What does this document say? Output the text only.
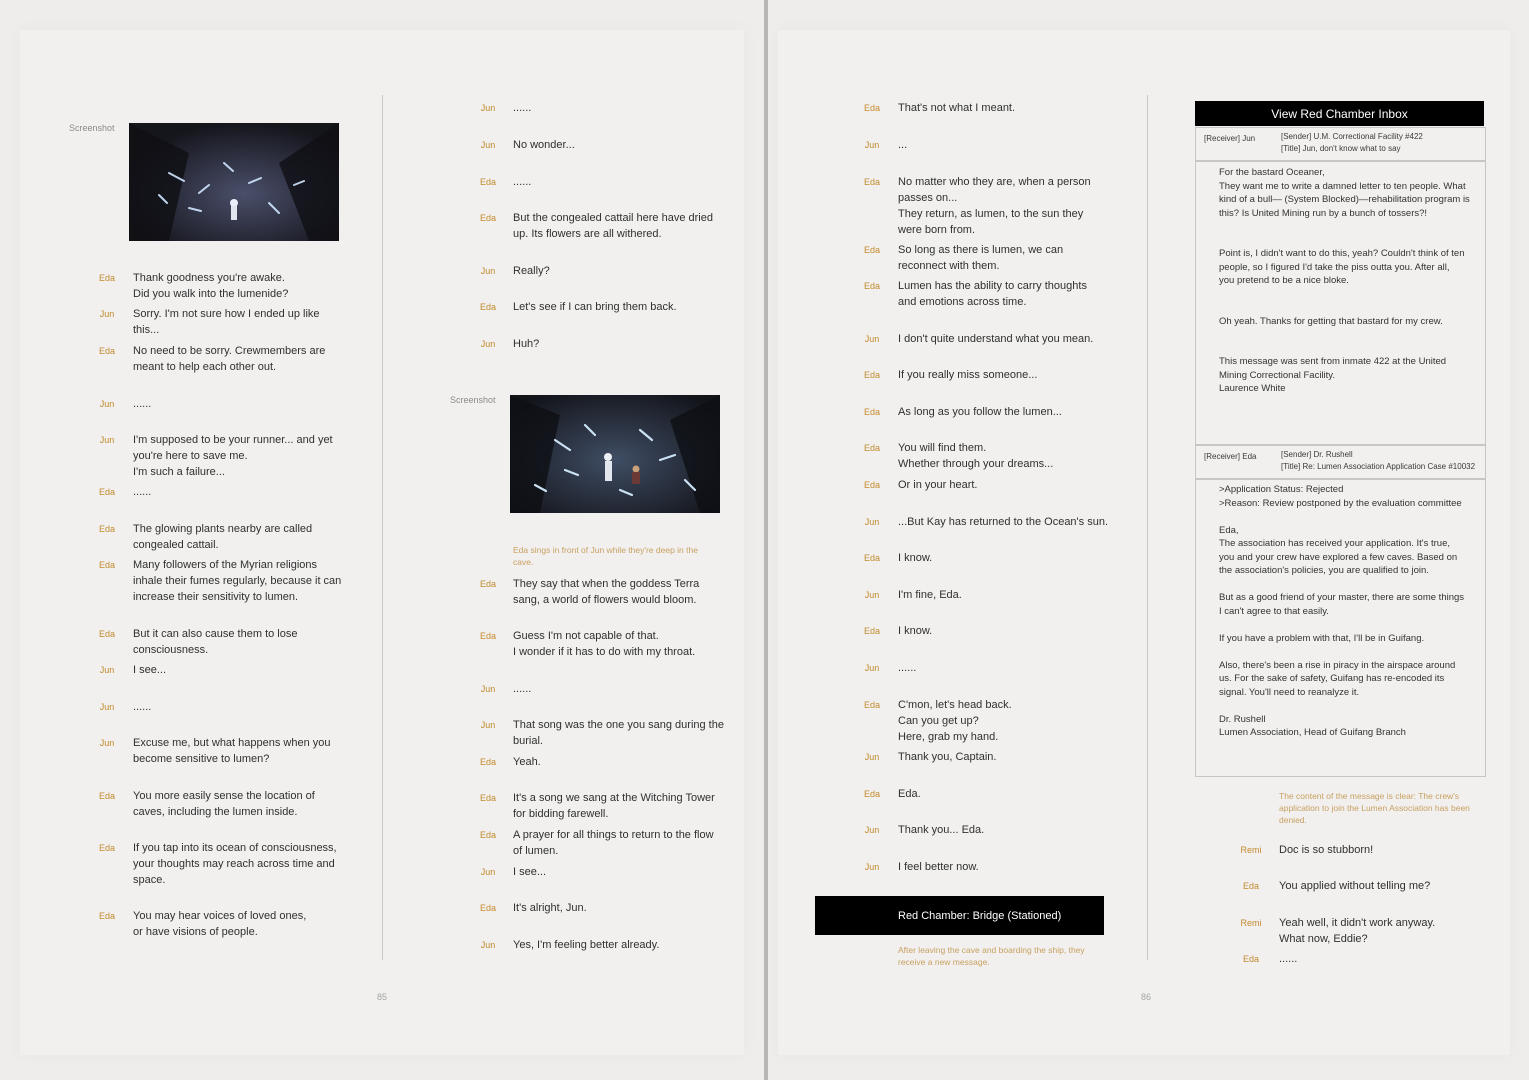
Eda	Thank goodness you're awake.
Did you walk into the lumenide?
Jun	Sorry. I'm not sure how I ended up like
this...
Eda	No need to be sorry. Crewmembers are
meant to help each other out.
Jun	......
Jun	I'm supposed to be your runner... and yet
you're here to save me.
I'm such a failure...
Eda	......
Eda	The glowing plants nearby are called
congealed cattail.
Eda	Many followers of the Myrian religions
inhale their fumes regularly, because it can
increase their sensitivity to lumen.
Eda	But it can also cause them to lose
consciousness.
Jun	I see...
Jun	......
Jun	Excuse me, but what happens when you
become sensitive to lumen?
Eda	You more easily sense the location of
caves, including the lumen inside.
Eda	If you tap into its ocean of consciousness,
your thoughts may reach across time and
space.
Eda	You may hear voices of loved ones,
or have visions of people.
Jun	......
Jun	No wonder...
Eda	......
Eda	But the congealed cattail here have dried
up. Its flowers are all withered.
Jun	Really?
Eda	Let's see if I can bring them back.
Jun	Huh?
Eda	They say that when the goddess Terra
sang, a world of flowers would bloom.
Eda	Guess I'm not capable of that.
I wonder if it has to do with my throat.
Jun	......
Jun	That song was the one you sang during the
burial.
Eda	Yeah.
Eda	It's a song we sang at the Witching Tower
for bidding farewell.
Eda	A prayer for all things to return to the flow
of lumen.
Jun	I see...
Eda	It's alright, Jun.
Jun	Yes, I'm feeling better already.
Eda	That's not what I meant.
Jun	...
Eda	No matter who they are, when a person
passes on...
They return, as lumen, to the sun they
were born from.
Eda	So long as there is lumen, we can
reconnect with them.
Eda	Lumen has the ability to carry thoughts
and emotions across time.
Jun	I don't quite understand what you mean.
Eda	If you really miss someone...
Eda	As long as you follow the lumen...
Eda	You will find them.
Whether through your dreams...
Eda	Or in your heart.
Jun	...But Kay has returned to the Ocean's sun.
Eda	I know.
Jun	I'm fine, Eda.
Eda	I know.
Jun	......
Eda	C'mon, let's head back.
Can you get up?
Here, grab my hand.
Jun	Thank you, Captain.
Eda	Eda.
Jun	Thank you... Eda.
Jun	I feel better now.
Remi	Doc is so stubborn!
Eda	You applied without telling me?
Remi	Yeah well, it didn't work anyway.
What now, Eddie?
Eda	......
Screenshot
Screenshot
Eda sings in front of Jun while they're deep in the
cave.
85	86
Red Chamber: Bridge (Stationed)
After leaving the cave and boarding the ship, they
receive a new message.
View Red Chamber Inbox
[Receiver] Jun	[Sender] U.M. Correctional Facility #422
[Title] Jun, don't know what to say
For the bastard Oceaner,
They want me to write a damned letter to ten people. What
kind of a bull— (System Blocked)—rehabilitation program is
this? Is United Mining run by a bunch of tossers?!
Point is, I didn't want to do this, yeah? Couldn't think of ten
people, so I figured I'd take the piss outta you. After all,
you pretend to be a nice bloke.
Oh yeah. Thanks for getting that bastard for my crew.
This message was sent from inmate 422 at the United
Mining Correctional Facility.
Laurence White
[Receiver] Eda	[Sender] Dr. Rushell
[Title] Re: Lumen Association Application Case #10032
>Application Status: Rejected
>Reason: Review postponed by the evaluation committee
Eda,
The association has received your application. It's true,
you and your crew have explored a few caves. Based on
the association's policies, you are qualified to join.
But as a good friend of your master, there are some things
I can't agree to that easily.
If you have a problem with that, I'll be in Guifang.
Also, there's been a rise in piracy in the airspace around
us. For the sake of safety, Guifang has re-encoded its
signal. You'll need to reanalyze it.
Dr. Rushell
Lumen Association, Head of Guifang Branch
The content of the message is clear: The crew's
application to join the Lumen Association has been
denied.
